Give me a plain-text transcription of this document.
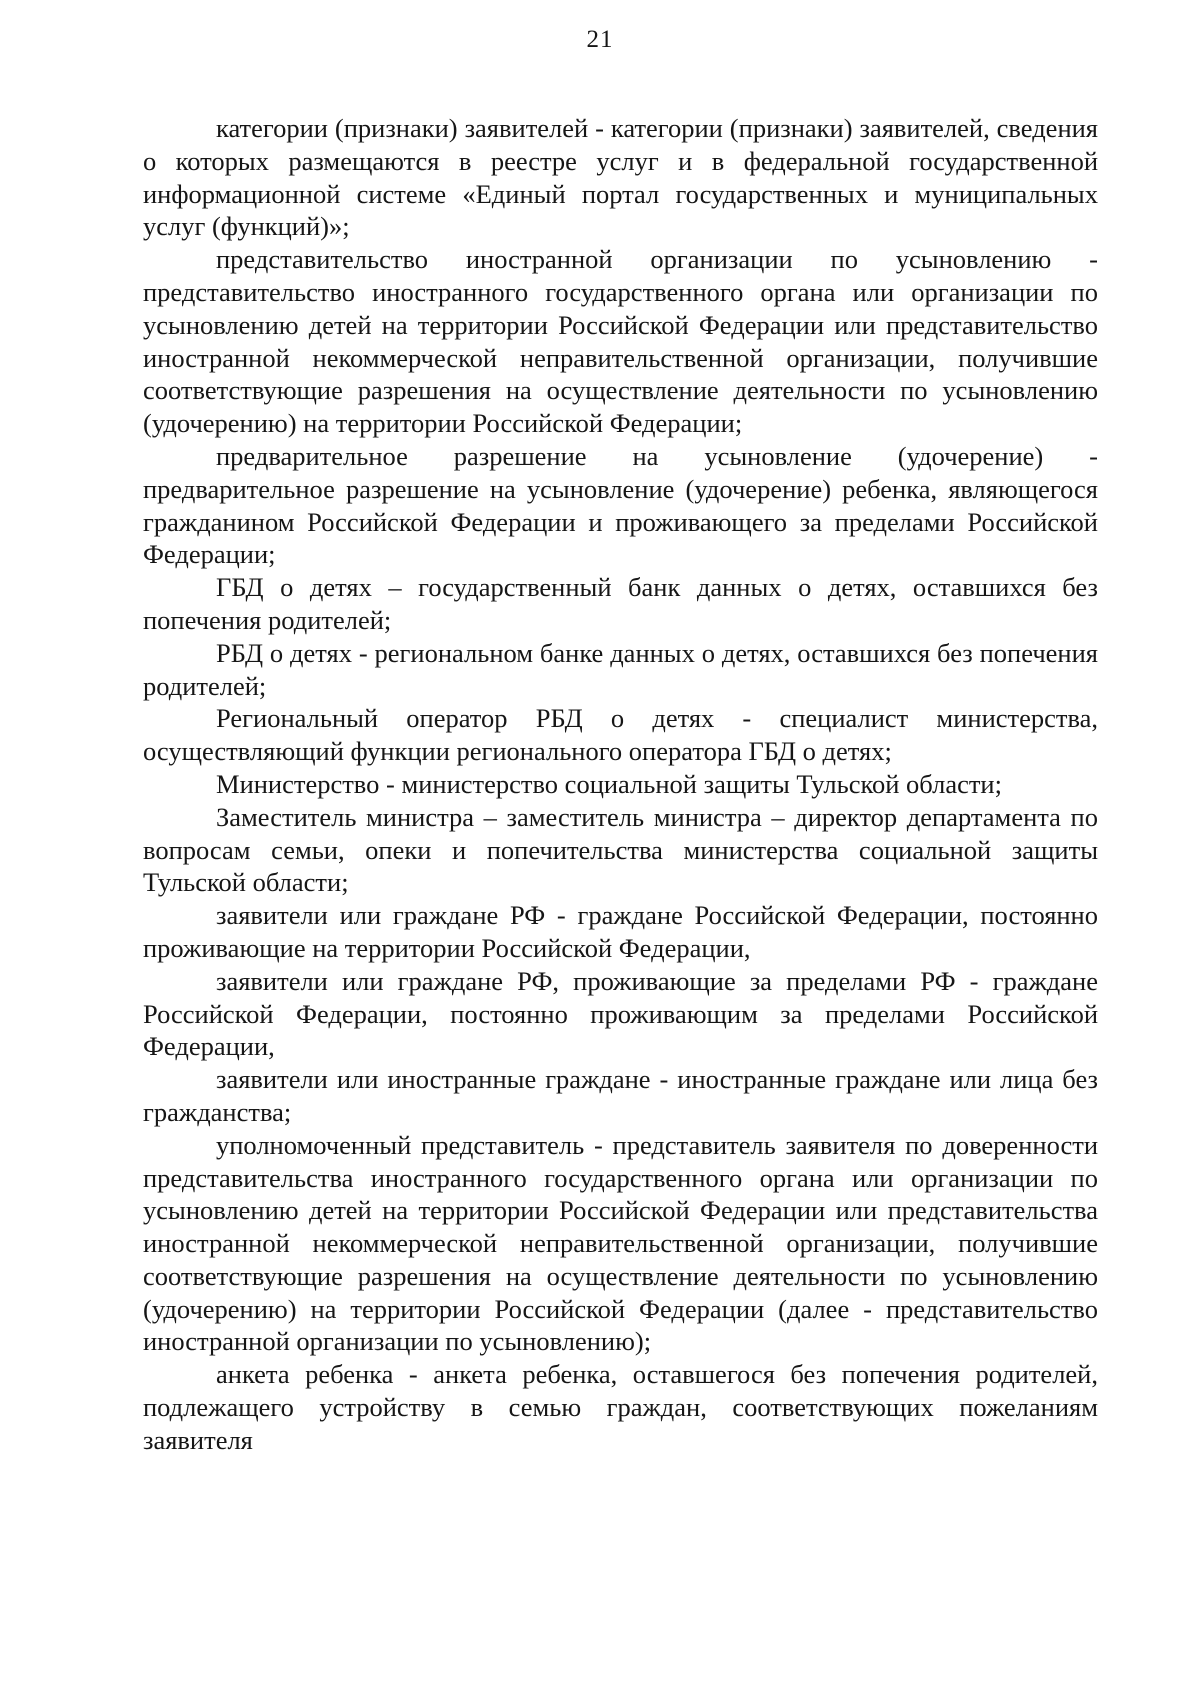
21

категории (признаки) заявителей - категории (признаки) заявителей, сведения о которых размещаются в реестре услуг и в федеральной государственной информационной системе «Единый портал государственных и муниципальных услуг (функций)»;

представительство иностранной организации по усыновлению - представительство иностранного государственного органа или организации по усыновлению детей на территории Российской Федерации или представительство иностранной некоммерческой неправительственной организации, получившие соответствующие разрешения на осуществление деятельности по усыновлению (удочерению) на территории Российской Федерации;

предварительное разрешение на усыновление (удочерение) - предварительное разрешение на усыновление (удочерение) ребенка, являющегося гражданином Российской Федерации и проживающего за пределами Российской Федерации;

ГБД о детях – государственный банк данных о детях, оставшихся без попечения родителей;

РБД о детях - региональном банке данных о детях, оставшихся без попечения родителей;

Региональный оператор РБД о детях - специалист министерства, осуществляющий функции регионального оператора ГБД о детях;

Министерство - министерство социальной защиты Тульской области;

Заместитель министра – заместитель министра – директор департамента по вопросам семьи, опеки и попечительства министерства социальной защиты Тульской области;

заявители или граждане РФ - граждане Российской Федерации, постоянно проживающие на территории Российской Федерации,

заявители или граждане РФ, проживающие за пределами РФ - граждане Российской Федерации, постоянно проживающим за пределами Российской Федерации,

заявители или иностранные граждане - иностранные граждане или лица без гражданства;

уполномоченный представитель - представитель заявителя по доверенности представительства иностранного государственного органа или организации по усыновлению детей на территории Российской Федерации или представительства иностранной некоммерческой неправительственной организации, получившие соответствующие разрешения на осуществление деятельности по усыновлению (удочерению) на территории Российской Федерации (далее - представительство иностранной организации по усыновлению);

анкета ребенка - анкета ребенка, оставшегося без попечения родителей, подлежащего устройству в семью граждан, соответствующих пожеланиям заявителя
